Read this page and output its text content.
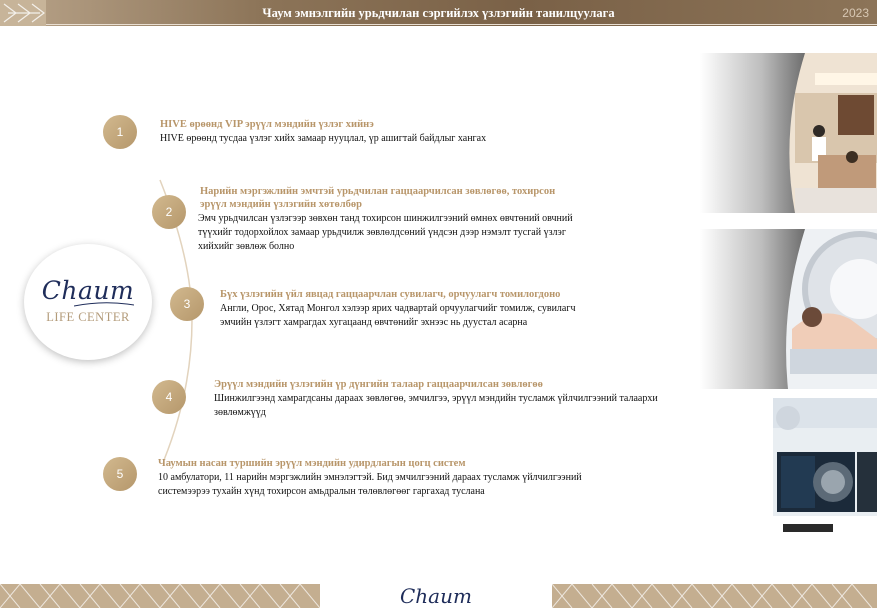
Чаум эмнэлгийн урьдчилан сэргийлэх үзлэгийн танилцуулага	2023
Chaum
LIFE CENTER
1
HIVE өрөөнд VIP эрүүл мэндийн үзлэг хийнэ
HIVE өрөөнд тусдаа үзлэг хийх замаар нууцлал, үр ашигтай байдлыг хангах
2
Нарийн мэргэжлийн эмчтэй урьдчилан гаццаарчилсан зөвлөгөө, тохирсон
эрүүл мэндийн үзлэгийн хөтөлбөр
Эмч урьдчилсан үзлэгээр зөвхөн танд тохирсон шинжилгээний өмнөх өвчтөний овчний
түүхийг тодорхойлох замаар урьдчилж зөвлөлдсөний үндсэн дээр нэмэлт тусгай үзлэг
хийхийг зөвлөж болно
3
Бүх үзлэгийн үйл явцад гаццаарчлан сувилагч, орчуулагч томилогдоно
Англи, Орос, Хятад Монгол хэлээр ярих чадвартай орчуулагчийг томилж, сувилагч
эмчийн үзлэгт хамрагдах хугацаанд өвчтөнийг эхнээс нь дуустал асарна
4
Эрүүл мэндийн үзлэгийн үр дүнгийн талаар гаццаарчилсан зөвлөгөө
Шинжилгээнд хамрагдсаны дараах зөвлөгөө, эмчилгээ, эрүүл мэндийн тусламж үйлчилгээний талаархи
зөвлөмжүүд
5
Чаумын насан туршийн эрүүл мэндийн удирдлагын цогц систем
10 амбулатори, 11 нарийн мэргэжлийн эмнэлэгтэй. Бид эмчилгээний дараах тусламж үйлчилгээний
системээрээ тухайн хүнд тохирсон амьдралын төлөвлөгөөг гаргахад туслана
Chaum
